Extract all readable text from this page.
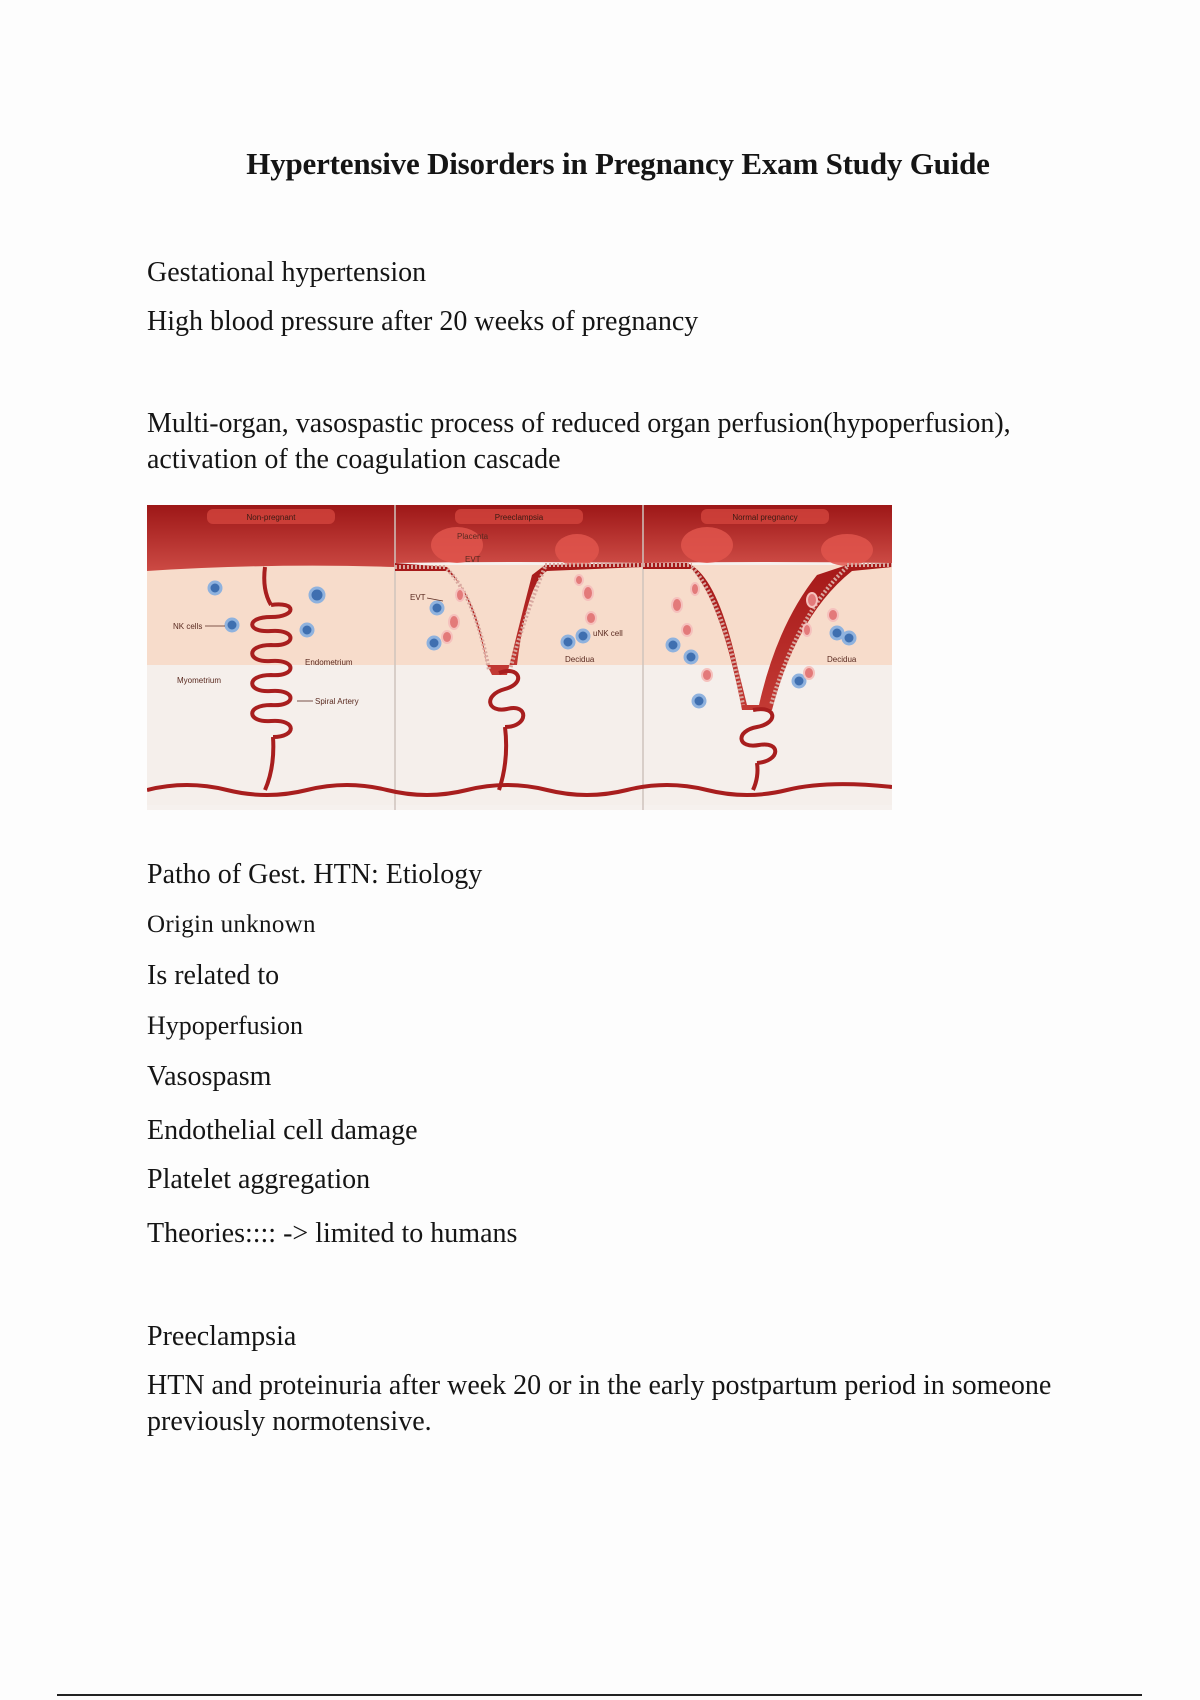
Hypertensive Disorders in Pregnancy Exam Study Guide

Gestational hypertension

High blood pressure after 20 weeks of pregnancy

Multi-organ, vasospastic process of reduced organ perfusion(hypoperfusion), activation of the coagulation cascade

Non-pregnant	Preeclampsia	Normal pregnancy
Placenta
NK cells
Endometrium
Myometrium
Spiral Artery
EVT
EVT
uNK cell
Decidua	Decidua

Patho of Gest. HTN: Etiology

Origin unknown

Is related to

Hypoperfusion

Vasospasm

Endothelial cell damage

Platelet aggregation

Theories:::: -> limited to humans

Preeclampsia

HTN and proteinuria after week 20 or in the early postpartum period in someone previously normotensive.
